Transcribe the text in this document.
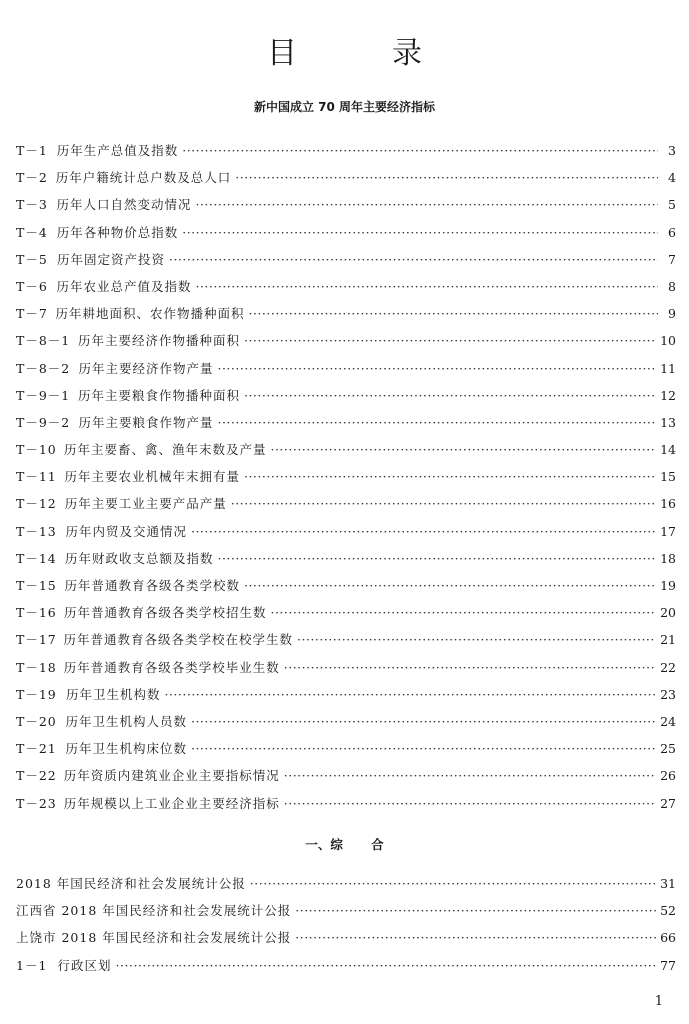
目录
新中国成立 70 周年主要经济指标
T－1 历年生产总值及指数 ·····	3
T－2 历年户籍统计总户数及总人口 ·····	4
T－3 历年人口自然变动情况 ·····	5
T－4 历年各种物价总指数 ·····	6
T－5 历年固定资产投资 ·····	7
T－6 历年农业总产值及指数 ·····	8
T－7 历年耕地面积、农作物播种面积 ·····	9
T－8－1 历年主要经济作物播种面积 ·····	10
T－8－2 历年主要经济作物产量 ·····	11
T－9－1 历年主要粮食作物播种面积 ·····	12
T－9－2 历年主要粮食作物产量 ·····	13
T－10 历年主要畜、禽、渔年末数及产量 ·····	14
T－11 历年主要农业机械年末拥有量 ·····	15
T－12 历年主要工业主要产品产量 ·····	16
T－13 历年内贸及交通情况 ·····	17
T－14 历年财政收支总额及指数 ·····	18
T－15 历年普通教育各级各类学校数 ·····	19
T－16 历年普通教育各级各类学校招生数 ·····	20
T－17 历年普通教育各级各类学校在校学生数 ·····	21
T－18 历年普通教育各级各类学校毕业生数 ·····	22
T－19 历年卫生机构数 ·····	23
T－20 历年卫生机构人员数 ·····	24
T－21 历年卫生机构床位数 ·····	25
T－22 历年资质内建筑业企业主要指标情况 ·····	26
T－23 历年规模以上工业企业主要经济指标 ·····	27
一、综 合
2018 年国民经济和社会发展统计公报 ·····	31
江西省 2018 年国民经济和社会发展统计公报 ·····	52
上饶市 2018 年国民经济和社会发展统计公报 ·····	66
1－1 行政区划 ·····	77
1
